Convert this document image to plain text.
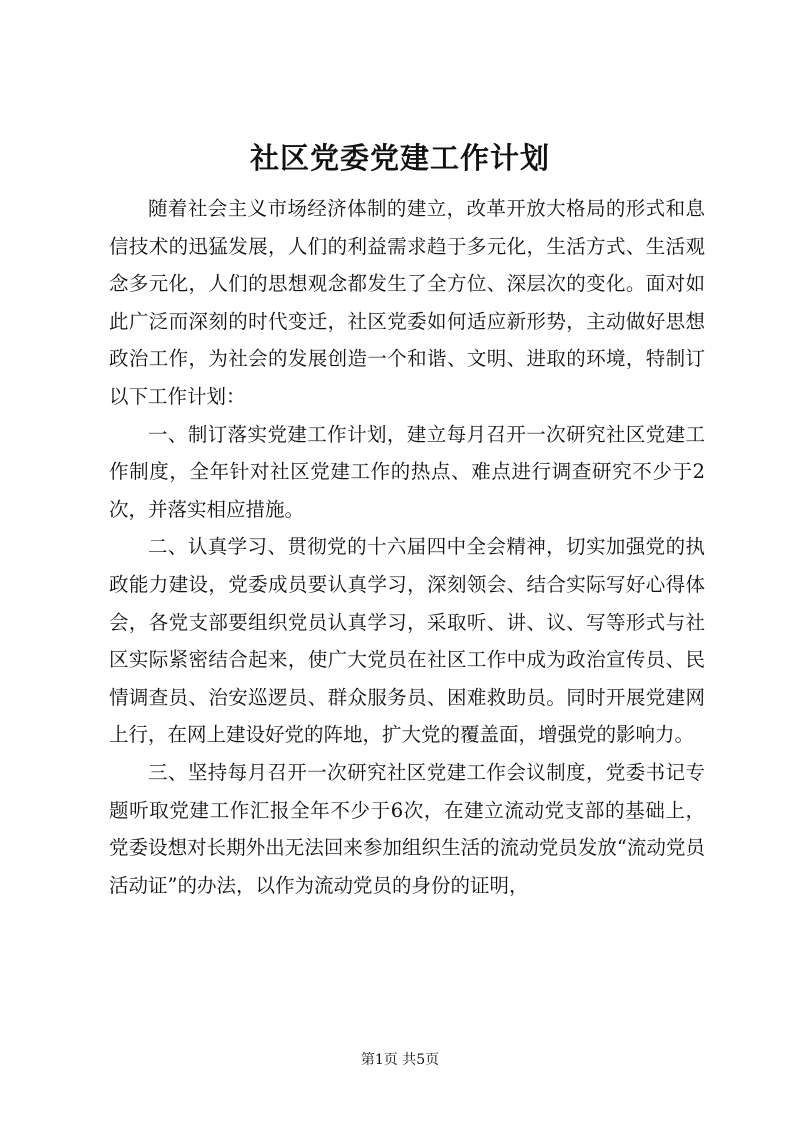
社区党委党建工作计划

随着社会主义市场经济体制的建立，改革开放大格局的形式和息信技术的迅猛发展，人们的利益需求趋于多元化，生活方式、生活观念多元化，人们的思想观念都发生了全方位、深层次的变化。面对如此广泛而深刻的时代变迁，社区党委如何适应新形势，主动做好思想政治工作，为社会的发展创造一个和谐、文明、进取的环境，特制订以下工作计划：

一、制订落实党建工作计划，建立每月召开一次研究社区党建工作制度，全年针对社区党建工作的热点、难点进行调查研究不少于2次，并落实相应措施。

二、认真学习、贯彻党的十六届四中全会精神，切实加强党的执政能力建设，党委成员要认真学习，深刻领会、结合实际写好心得体会，各党支部要组织党员认真学习，采取听、讲、议、写等形式与社区实际紧密结合起来，使广大党员在社区工作中成为政治宣传员、民情调查员、治安巡逻员、群众服务员、困难救助员。同时开展党建网上行，在网上建设好党的阵地，扩大党的覆盖面，增强党的影响力。

三、坚持每月召开一次研究社区党建工作会议制度，党委书记专题听取党建工作汇报全年不少于6次，在建立流动党支部的基础上，党委设想对长期外出无法回来参加组织生活的流动党员发放“流动党员活动证”的办法，以作为流动党员的身份的证明，

第1页 共5页
